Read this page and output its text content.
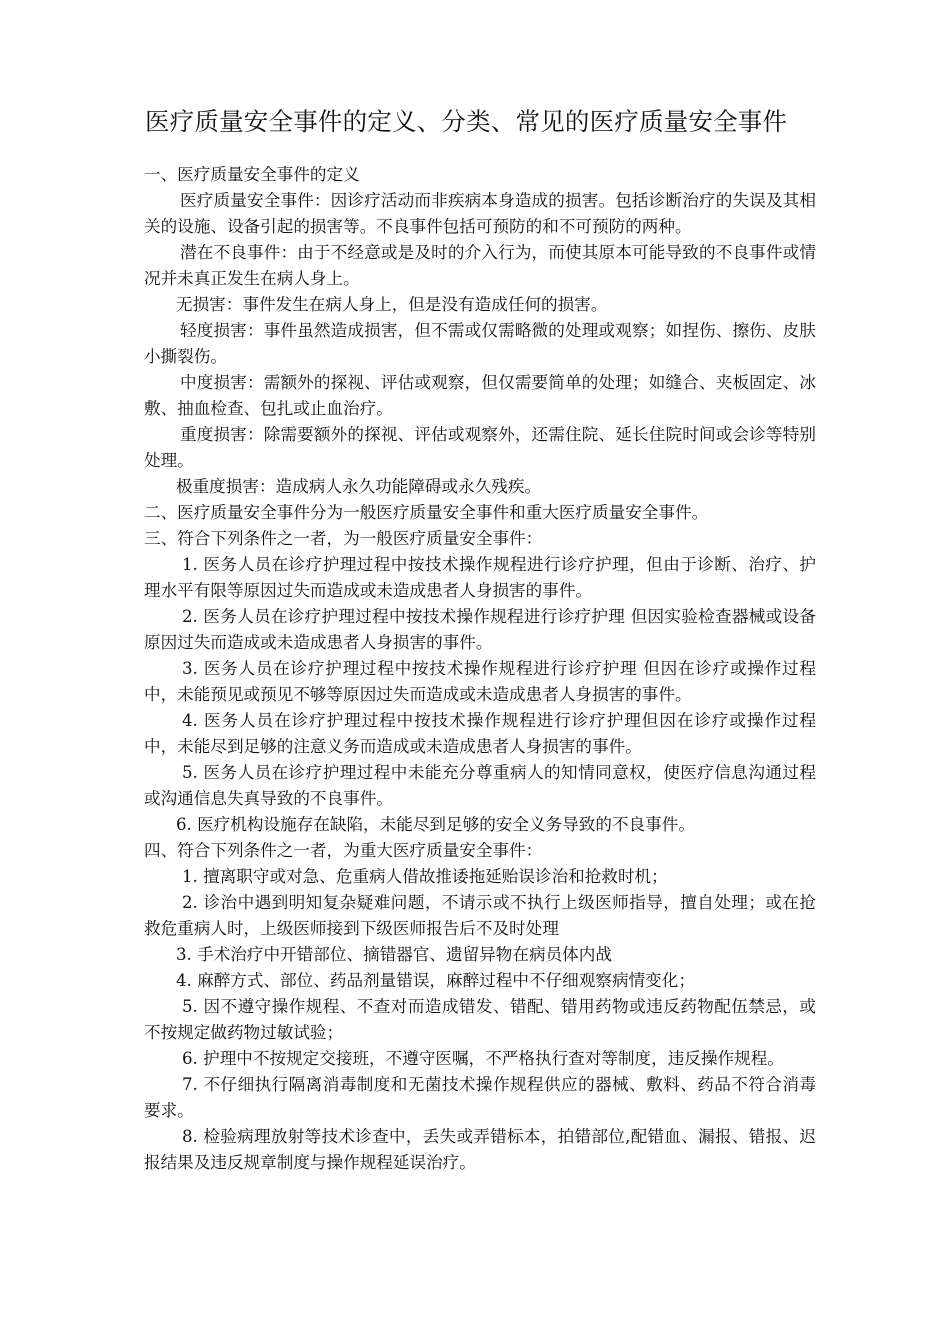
医疗质量安全事件的定义、分类、常见的医疗质量安全事件

一、医疗质量安全事件的定义

医疗质量安全事件：因诊疗活动而非疾病本身造成的损害。包括诊断治疗的失误及其相关的设施、设备引起的损害等。不良事件包括可预防的和不可预防的两种。

潜在不良事件：由于不经意或是及时的介入行为，而使其原本可能导致的不良事件或情况并未真正发生在病人身上。

无损害：事件发生在病人身上，但是没有造成任何的损害。

轻度损害：事件虽然造成损害，但不需或仅需略微的处理或观察；如捏伤、擦伤、皮肤小撕裂伤。

中度损害：需额外的探视、评估或观察，但仅需要简单的处理；如缝合、夹板固定、冰敷、抽血检查、包扎或止血治疗。

重度损害：除需要额外的探视、评估或观察外，还需住院、延长住院时间或会诊等特别处理。

极重度损害：造成病人永久功能障碍或永久残疾。

二、医疗质量安全事件分为一般医疗质量安全事件和重大医疗质量安全事件。

三、符合下列条件之一者，为一般医疗质量安全事件：

1. 医务人员在诊疗护理过程中按技术操作规程进行诊疗护理，但由于诊断、治疗、护理水平有限等原因过失而造成或未造成患者人身损害的事件。

2. 医务人员在诊疗护理过程中按技术操作规程进行诊疗护理 但因实验检查器械或设备原因过失而造成或未造成患者人身损害的事件。

3. 医务人员在诊疗护理过程中按技术操作规程进行诊疗护理 但因在诊疗或操作过程中，未能预见或预见不够等原因过失而造成或未造成患者人身损害的事件。

4. 医务人员在诊疗护理过程中按技术操作规程进行诊疗护理但因在诊疗或操作过程中，未能尽到足够的注意义务而造成或未造成患者人身损害的事件。

5. 医务人员在诊疗护理过程中未能充分尊重病人的知情同意权，使医疗信息沟通过程或沟通信息失真导致的不良事件。

6. 医疗机构设施存在缺陷，未能尽到足够的安全义务导致的不良事件。

四、符合下列条件之一者，为重大医疗质量安全事件：

1. 擅离职守或对急、危重病人借故推诿拖延贻误诊治和抢救时机；

2. 诊治中遇到明知复杂疑难问题，不请示或不执行上级医师指导，擅自处理；或在抢救危重病人时，上级医师接到下级医师报告后不及时处理

3. 手术治疗中开错部位、摘错器官、遗留异物在病员体内战

4. 麻醉方式、部位、药品剂量错误，麻醉过程中不仔细观察病情变化；

5. 因不遵守操作规程、不查对而造成错发、错配、错用药物或违反药物配伍禁忌，或不按规定做药物过敏试验；

6. 护理中不按规定交接班，不遵守医嘱，不严格执行查对等制度，违反操作规程。

7. 不仔细执行隔离消毒制度和无菌技术操作规程供应的器械、敷料、药品不符合消毒要求。

8. 检验病理放射等技术诊查中，丢失或弄错标本，拍错部位,配错血、漏报、错报、迟报结果及违反规章制度与操作规程延误治疗。
